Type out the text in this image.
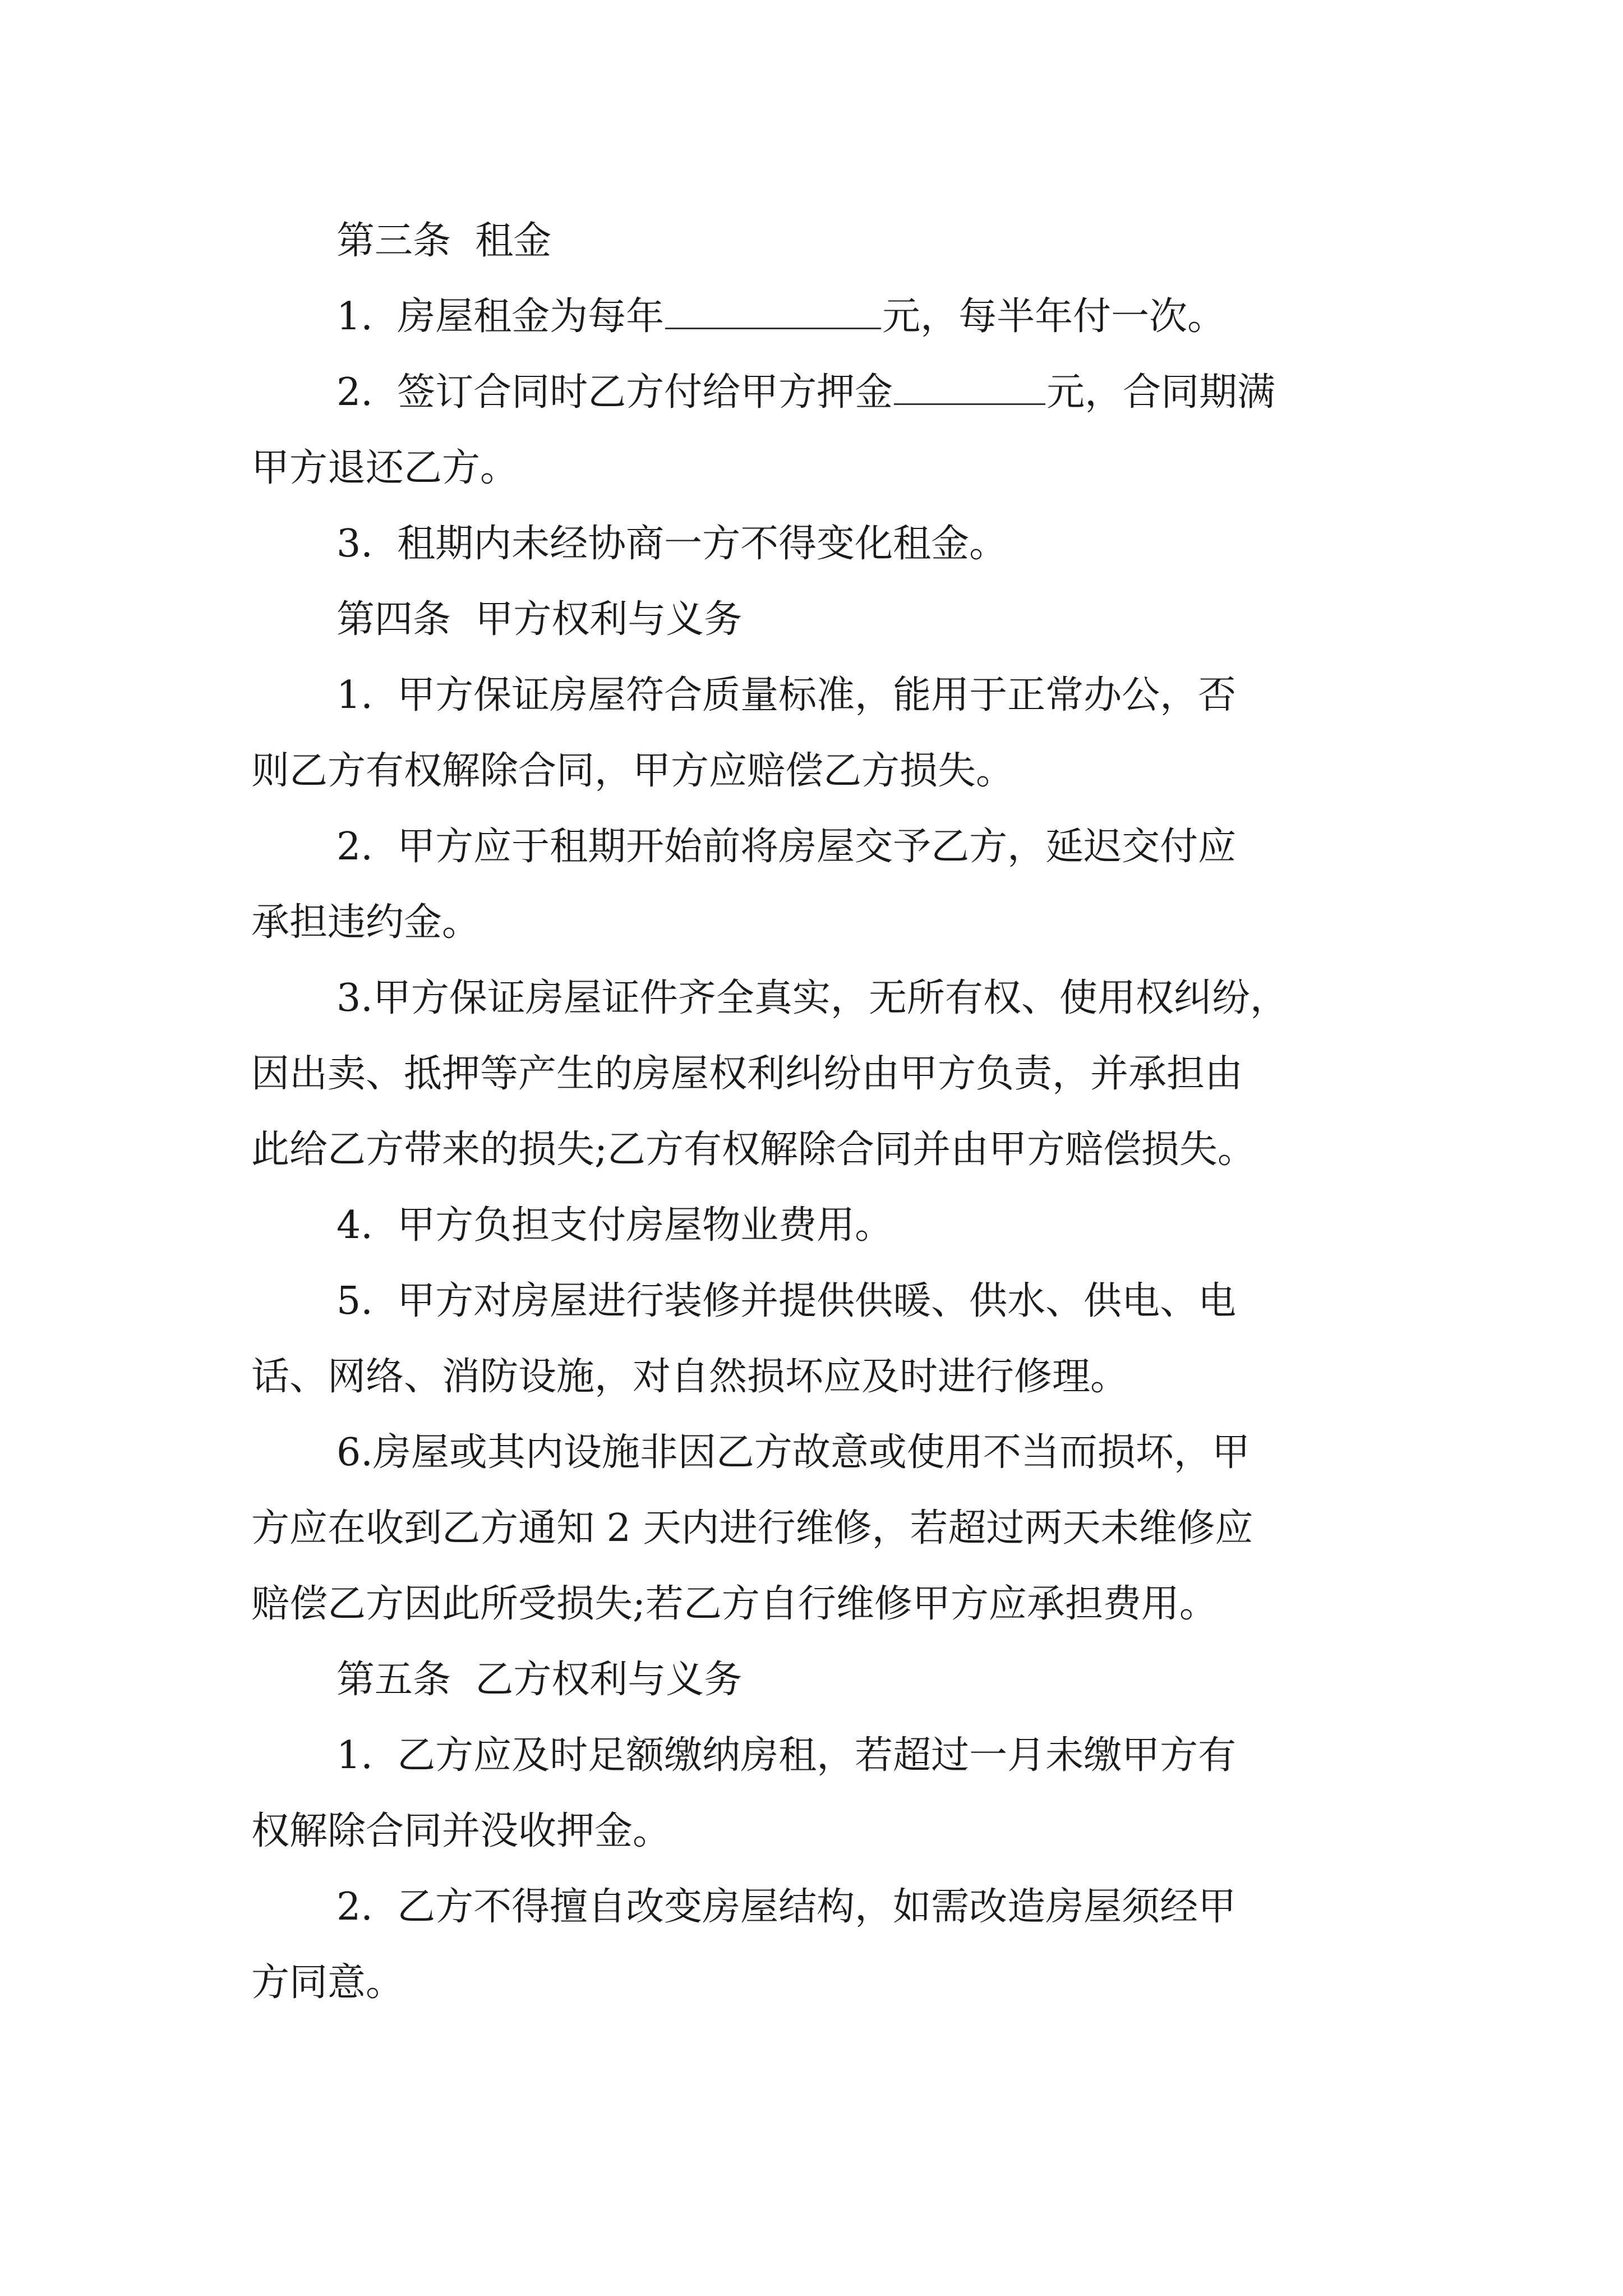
第三条  租金
1.  房屋租金为每年	元，每半年付一次。
2.  签订合同时乙方付给甲方押金	元，合同期满
甲方退还乙方。
3.  租期内未经协商一方不得变化租金。
第四条  甲方权利与义务
1.  甲方保证房屋符合质量标准，能用于正常办公，否
则乙方有权解除合同，甲方应赔偿乙方损失。
2.  甲方应于租期开始前将房屋交予乙方，延迟交付应
承担违约金。
3.甲方保证房屋证件齐全真实，无所有权、使用权纠纷，
因出卖、抵押等产生的房屋权利纠纷由甲方负责，并承担由
此给乙方带来的损失;乙方有权解除合同并由甲方赔偿损失。
4.  甲方负担支付房屋物业费用。
5.  甲方对房屋进行装修并提供供暖、供水、供电、电
话、网络、消防设施，对自然损坏应及时进行修理。
6.房屋或其内设施非因乙方故意或使用不当而损坏，甲
方应在收到乙方通知 2 天内进行维修，若超过两天未维修应
赔偿乙方因此所受损失;若乙方自行维修甲方应承担费用。
第五条  乙方权利与义务
1.  乙方应及时足额缴纳房租，若超过一月未缴甲方有
权解除合同并没收押金。
2.  乙方不得擅自改变房屋结构，如需改造房屋须经甲
方同意。
